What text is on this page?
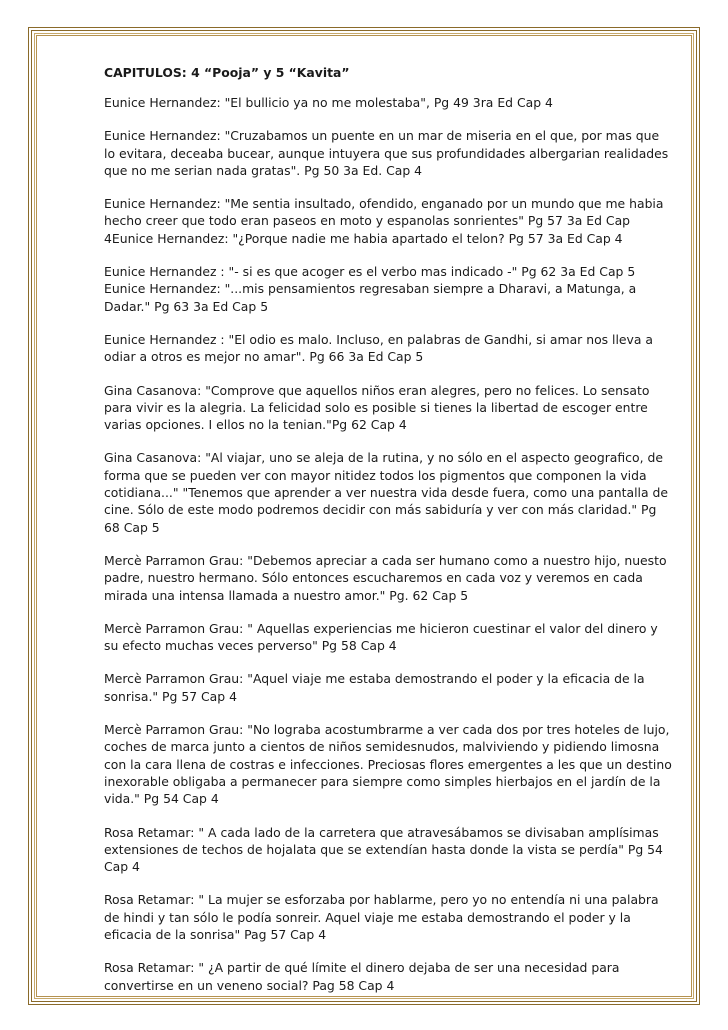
CAPITULOS: 4 “Pooja” y 5 “Kavita”
Eunice Hernandez: "El bullicio ya no me molestaba", Pg 49 3ra Ed Cap 4
Eunice Hernandez: "Cruzabamos un puente en un mar de miseria en el que, por mas que
lo evitara, deceaba bucear, aunque intuyera que sus profundidades albergarian realidades
que no me serian nada gratas". Pg 50 3a Ed. Cap 4
Eunice Hernandez: "Me sentia insultado, ofendido, enganado por un mundo que me habia
hecho creer que todo eran paseos en moto y espanolas sonrientes" Pg 57 3a Ed Cap
4Eunice Hernandez: "¿Porque nadie me habia apartado el telon? Pg 57 3a Ed Cap 4
Eunice Hernandez : "- si es que acoger es el verbo mas indicado -" Pg 62 3a Ed Cap 5
Eunice Hernandez: "...mis pensamientos regresaban siempre a Dharavi, a Matunga, a
Dadar." Pg 63 3a Ed Cap 5
Eunice Hernandez : "El odio es malo. Incluso, en palabras de Gandhi, si amar nos lleva a
odiar a otros es mejor no amar". Pg 66 3a Ed Cap 5
Gina Casanova: "Comprove que aquellos niños eran alegres, pero no felices. Lo sensato
para vivir es la alegria. La felicidad solo es posible si tienes la libertad de escoger entre
varias opciones. I ellos no la tenian."Pg 62 Cap 4
Gina Casanova: "Al viajar, uno se aleja de la rutina, y no sólo en el aspecto geografico, de
forma que se pueden ver con mayor nitidez todos los pigmentos que componen la vida
cotidiana..." "Tenemos que aprender a ver nuestra vida desde fuera, como una pantalla de
cine. Sólo de este modo podremos decidir con más sabiduría y ver con más claridad." Pg
68 Cap 5
Mercè Parramon Grau: "Debemos apreciar a cada ser humano como a nuestro hijo, nuesto
padre, nuestro hermano. Sólo entonces escucharemos en cada voz y veremos en cada
mirada una intensa llamada a nuestro amor." Pg. 62 Cap 5
Mercè Parramon Grau: " Aquellas experiencias me hicieron cuestinar el valor del dinero y
su efecto muchas veces perverso" Pg 58 Cap 4
Mercè Parramon Grau: "Aquel viaje me estaba demostrando el poder y la eficacia de la
sonrisa." Pg 57 Cap 4
Mercè Parramon Grau: "No lograba acostumbrarme a ver cada dos por tres hoteles de lujo,
coches de marca junto a cientos de niños semidesnudos, malviviendo y pidiendo limosna
con la cara llena de costras e infecciones. Preciosas flores emergentes a les que un destino
inexorable obligaba a permanecer para siempre como simples hierbajos en el jardín de la
vida." Pg 54 Cap 4
Rosa Retamar: " A cada lado de la carretera que atravesábamos se divisaban amplísimas
extensiones de techos de hojalata que se extendían hasta donde la vista se perdía" Pg 54
Cap 4
Rosa Retamar: " La mujer se esforzaba por hablarme, pero yo no entendía ni una palabra
de hindi y tan sólo le podía sonreir. Aquel viaje me estaba demostrando el poder y la
eficacia de la sonrisa" Pag 57 Cap 4
Rosa Retamar: " ¿A partir de qué límite el dinero dejaba de ser una necesidad para
convertirse en un veneno social? Pag 58 Cap 4
